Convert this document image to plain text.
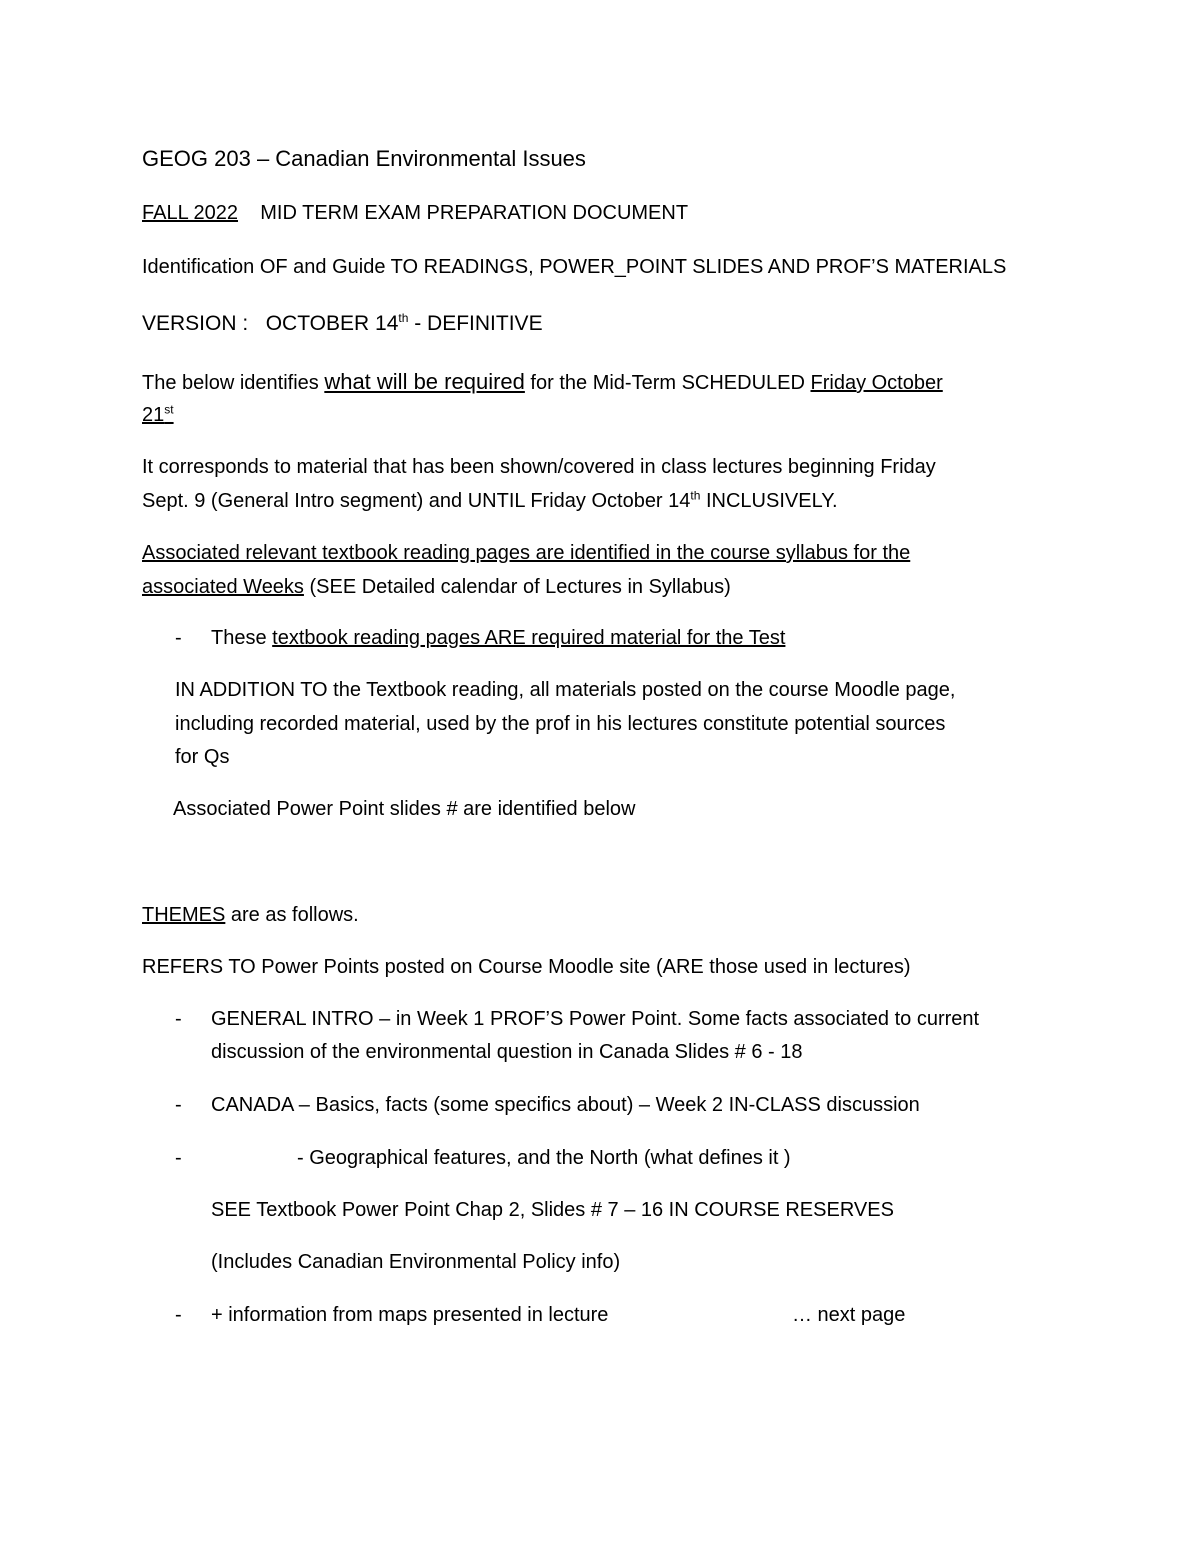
GEOG 203 – Canadian Environmental Issues
FALL 2022 MID TERM EXAM PREPARATION DOCUMENT
Identification OF and Guide TO READINGS, POWER_POINT SLIDES AND PROF’S MATERIALS
VERSION : OCTOBER 14th - DEFINITIVE
The below identifies what will be required for the Mid-Term SCHEDULED Friday October
21st
It corresponds to material that has been shown/covered in class lectures beginning Friday
Sept. 9 (General Intro segment) and UNTIL Friday October 14th INCLUSIVELY.
Associated relevant textbook reading pages are identified in the course syllabus for the
associated Weeks (SEE Detailed calendar of Lectures in Syllabus)
- These textbook reading pages ARE required material for the Test
IN ADDITION TO the Textbook reading, all materials posted on the course Moodle page,
including recorded material, used by the prof in his lectures constitute potential sources
for Qs
Associated Power Point slides # are identified below
THEMES are as follows.
REFERS TO Power Points posted on Course Moodle site (ARE those used in lectures)
- GENERAL INTRO – in Week 1 PROF’S Power Point. Some facts associated to current
discussion of the environmental question in Canada Slides # 6 - 18
- CANADA – Basics, facts (some specifics about) – Week 2 IN-CLASS discussion
-	- Geographical features, and the North (what defines it )
SEE Textbook Power Point Chap 2, Slides # 7 – 16 IN COURSE RESERVES
(Includes Canadian Environmental Policy info)
- + information from maps presented in lecture	… next page
